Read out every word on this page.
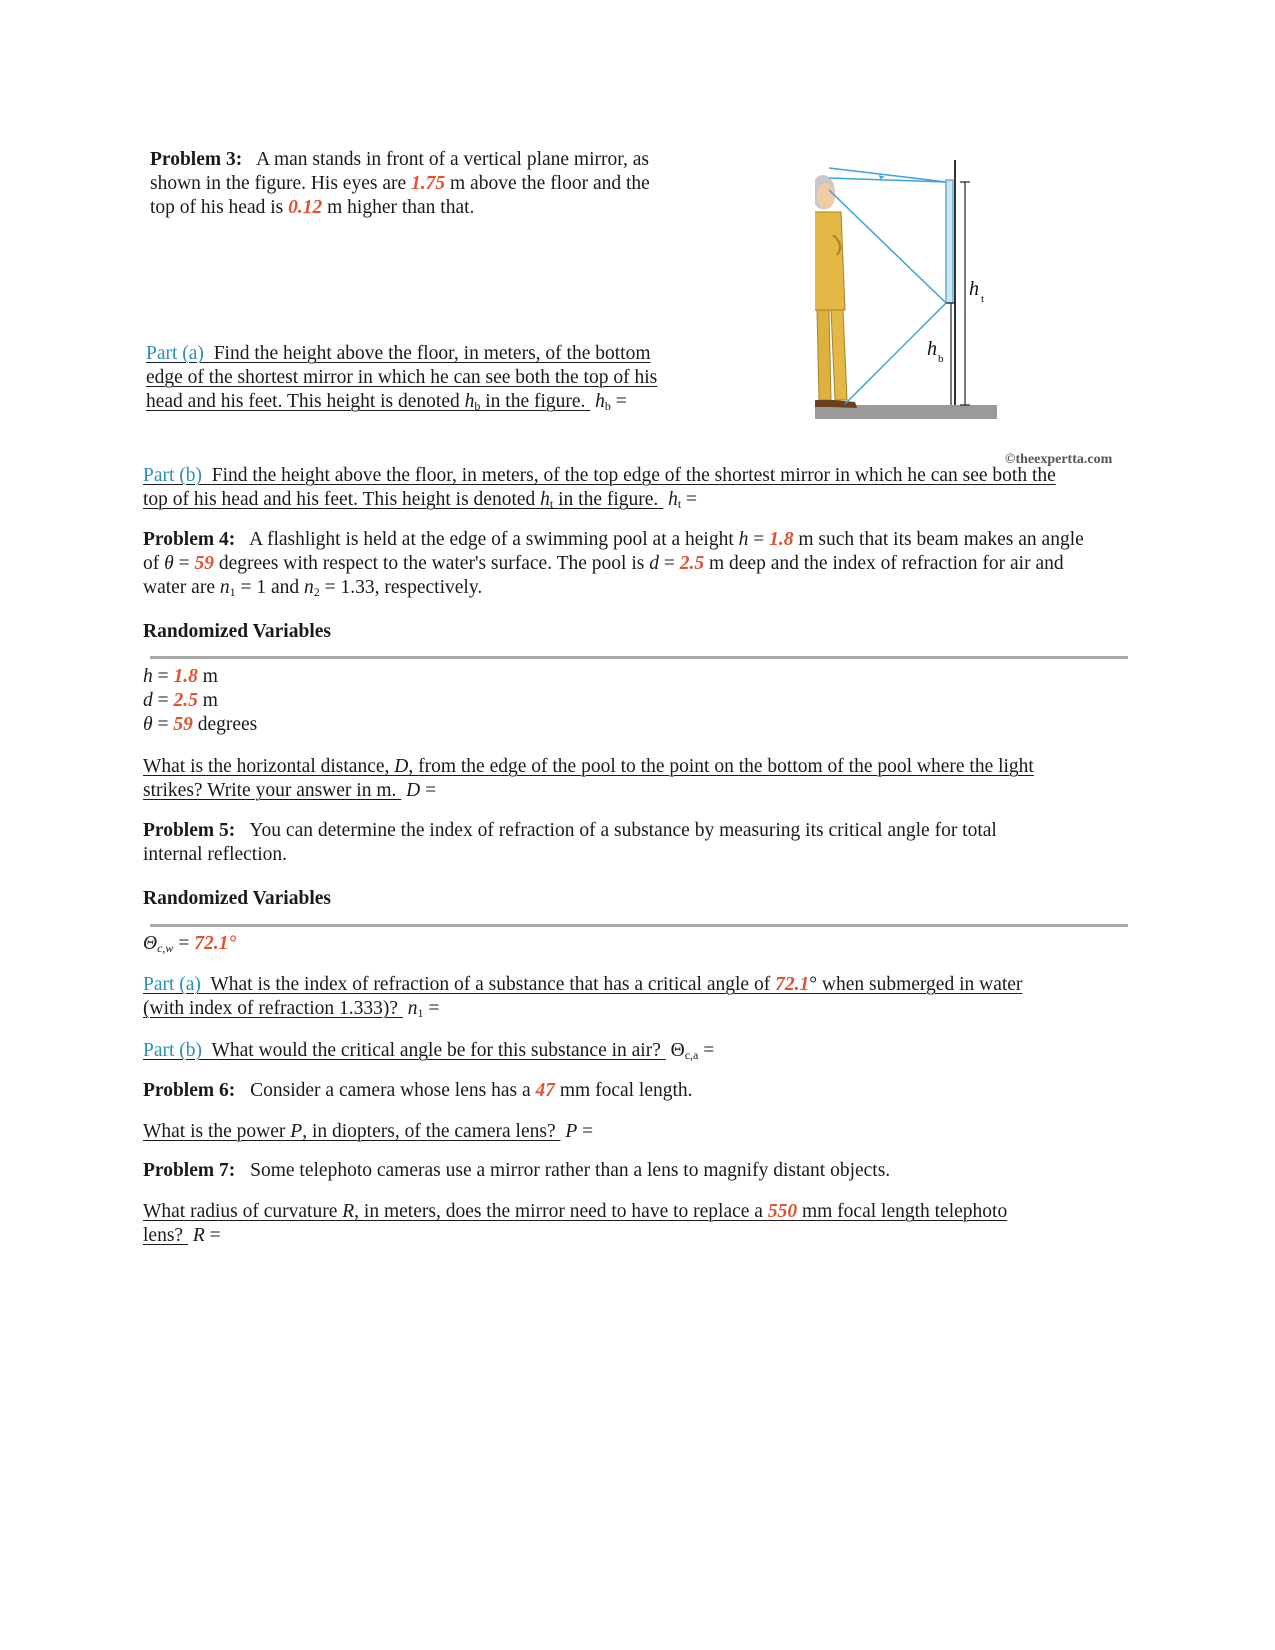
Problem 3: A man stands in front of a vertical plane mirror, as shown in the figure. His eyes are 1.75 m above the floor and the top of his head is 0.12 m higher than that.
Part (a) Find the height above the floor, in meters, of the bottom edge of the shortest mirror in which he can see both the top of his head and his feet. This height is denoted $h_b$ in the figure. $h_b$ =
h t
h b
©theexpertta.com
Part (b) Find the height above the floor, in meters, of the top edge of the shortest mirror in which he can see both the top of his head and his feet. This height is denoted $h_t$ in the figure. $h_t$ =
Problem 4: A flashlight is held at the edge of a swimming pool at a height h = 1.8 m such that its beam makes an angle of θ = 59 degrees with respect to the water's surface. The pool is d = 2.5 m deep and the index of refraction for air and water are $n_1 = 1$ and $n_2 = 1.33$, respectively.
Randomized Variables
h = 1.8 m
d = 2.5 m
θ = 59 degrees
What is the horizontal distance, D, from the edge of the pool to the point on the bottom of the pool where the light strikes? Write your answer in m. D =
Problem 5: You can determine the index of refraction of a substance by measuring its critical angle for total internal reflection.
Randomized Variables
$\Theta_{c,w} = 72.1^\circ$
Part (a) What is the index of refraction of a substance that has a critical angle of 72.1° when submerged in water (with index of refraction 1.333)? $n_1$ =
Part (b) What would the critical angle be for this substance in air? $\Theta_{c,a}$ =
Problem 6: Consider a camera whose lens has a 47 mm focal length.
What is the power P, in diopters, of the camera lens? P =
Problem 7: Some telephoto cameras use a mirror rather than a lens to magnify distant objects.
What radius of curvature R, in meters, does the mirror need to have to replace a 550 mm focal length telephoto lens? R =
